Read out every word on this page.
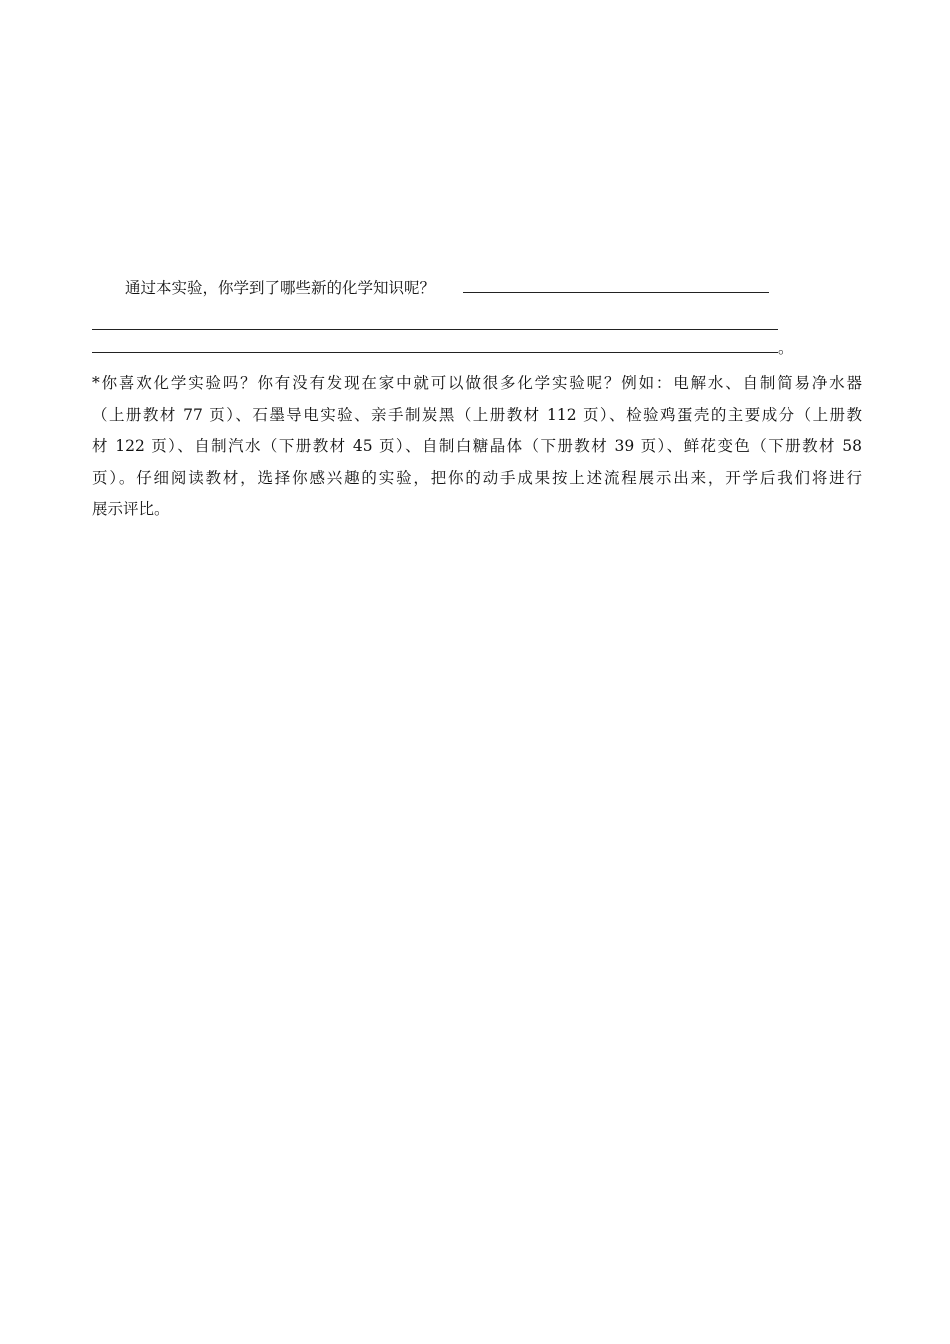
通过本实验，你学到了哪些新的化学知识呢？
。
*你喜欢化学实验吗？你有没有发现在家中就可以做很多化学实验呢？例如：电解水、自制简易净水器
（上册教材 77 页）、石墨导电实验、亲手制炭黑（上册教材 112 页）、检验鸡蛋壳的主要成分（上册教
材 122 页）、自制汽水（下册教材 45 页）、自制白糖晶体（下册教材 39 页）、鲜花变色（下册教材 58
页）。仔细阅读教材，选择你感兴趣的实验，把你的动手成果按上述流程展示出来，开学后我们将进行
展示评比。
